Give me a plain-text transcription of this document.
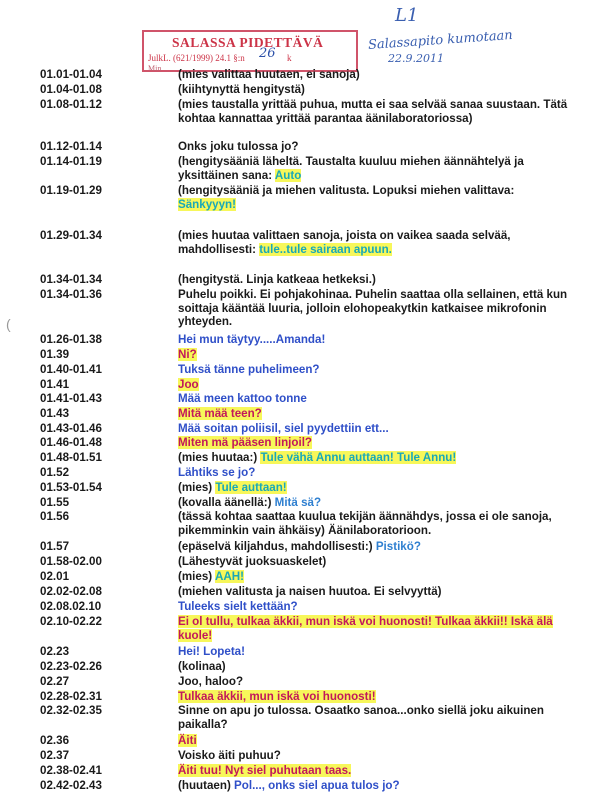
SALASSA PIDETTÄVÄ
JulkL. (621/1999) 24.1 §:n	k
26
Min
L1
Salassapito kumotaan
22.9.2011
(
01.01-01.04	(mies valittaa huutaen, ei sanoja)
01.04-01.08	(kiihtynyttä hengitystä)
01.08-01.12	(mies taustalla yrittää puhua, mutta ei saa selvää sanaa suustaan. Tätä kohtaa kannattaa yrittää parantaa äänilaboratoriossa)
01.12-01.14	Onks joku tulossa jo?
01.14-01.19	(hengitysääniä läheltä. Taustalta kuuluu miehen äännähtelyä ja yksittäinen sana: Auto
01.19-01.29	(hengitysääniä ja miehen valitusta. Lopuksi miehen valittava: Sänkyyyn!
01.29-01.34	(mies huutaa valittaen sanoja, joista on vaikea saada selvää, mahdollisesti: tule..tule sairaan apuun.
01.34-01.34	(hengitystä. Linja katkeaa hetkeksi.)
01.34-01.36	Puhelu poikki. Ei pohjakohinaa. Puhelin saattaa olla sellainen, että kun soittaja kääntää luuria, jolloin elohopeakytkin katkaisee mikrofonin yhteyden.
01.26-01.38	Hei mun täytyy.....Amanda!
01.39	Ni?
01.40-01.41	Tuksä tänne puhelimeen?
01.41	Joo
01.41-01.43	Mää meen kattoo tonne
01.43	Mitä mää teen?
01.43-01.46	Mää soitan poliisil, siel pyydettiin ett...
01.46-01.48	Miten mä pääsen linjoil?
01.48-01.51	(mies huutaa:) Tule vähä Annu auttaan! Tule Annu!
01.52	Lähtiks se jo?
01.53-01.54	(mies) Tule auttaan!
01.55	(kovalla äänellä:) Mitä sä?
01.56	(tässä kohtaa saattaa kuulua tekijän äännähdys, jossa ei ole sanoja, pikemminkin vain ähkäisy) Äänilaboratorioon.
01.57	(epäselvä kiljahdus, mahdollisesti:) Pistikö?
01.58-02.00	(Lähestyvät juoksuaskelet)
02.01	(mies) AAH!
02.02-02.08	(miehen valitusta ja naisen huutoa. Ei selvyyttä)
02.08.02.10	Tuleeks sielt kettään?
02.10-02.22	Ei ol tullu, tulkaa äkkii, mun iskä voi huonosti! Tulkaa äkkii!! Iskä älä kuole!
02.23	Hei! Lopeta!
02.23-02.26	(kolinaa)
02.27	Joo, haloo?
02.28-02.31	Tulkaa äkkii, mun iskä voi huonosti!
02.32-02.35	Sinne on apu jo tulossa. Osaatko sanoa...onko siellä joku aikuinen paikalla?
02.36	Äiti
02.37	Voisko äiti puhuu?
02.38-02.41	Äiti tuu! Nyt siel puhutaan taas.
02.42-02.43	(huutaen) Pol..., onks siel apua tulos jo?
